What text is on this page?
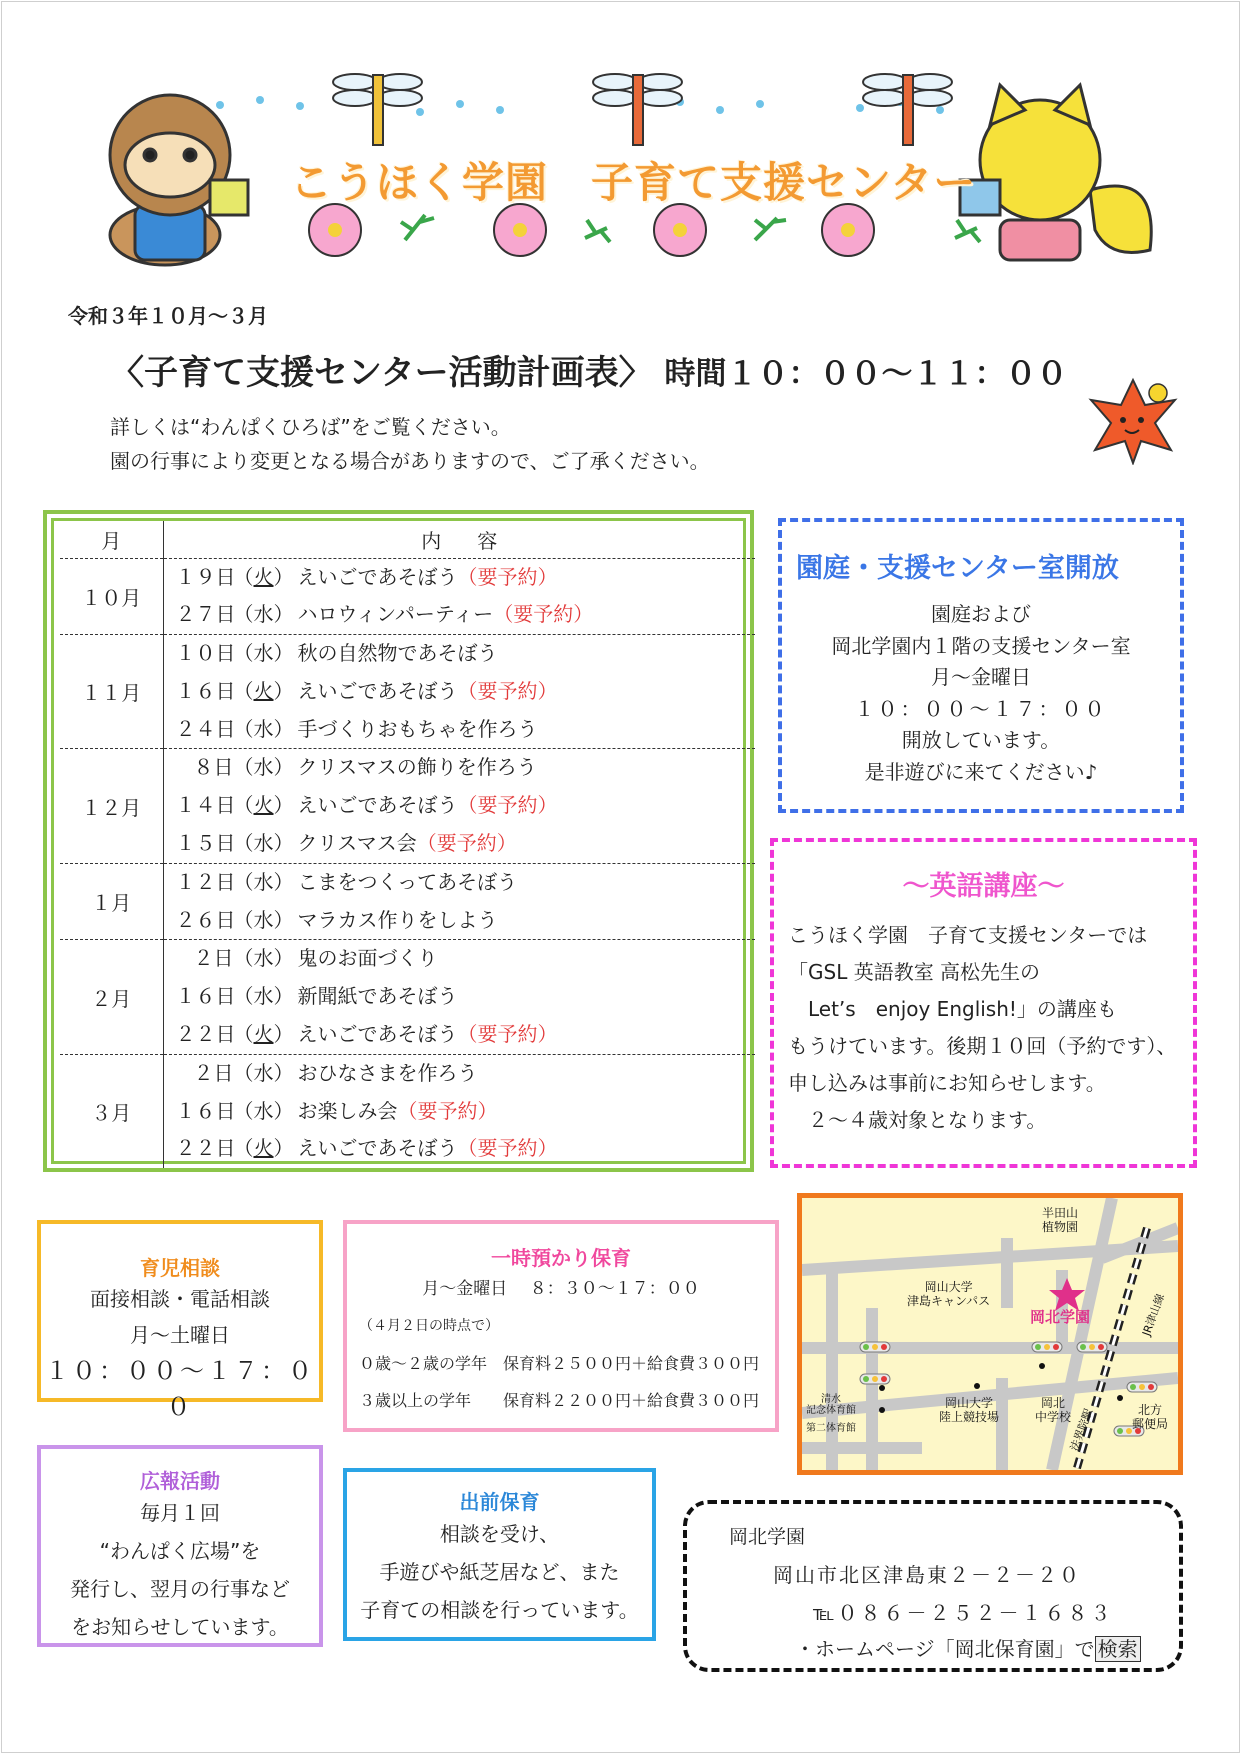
こうほく学園　子育て支援センター
令和３年１０月～３月
〈子育て支援センター活動計画表〉 時間１０：００～１１：００
詳しくは“わんぱくひろば”をご覧ください。
園の行事により変更となる場合がありますので、ご了承ください。
月	内容
１０月	１９日（火） えいごであそぼう（要予約）
２７日（水） ハロウィンパーティー（要予約）

１１月	１０日（水） 秋の自然物であそぼう
１６日（火） えいごであそぼう（要予約）
２４日（水） 手づくりおもちゃを作ろう

１２月	８日（水） クリスマスの飾りを作ろう
１４日（火） えいごであそぼう（要予約）
１５日（水） クリスマス会（要予約）

１月	１２日（水） こまをつくってあそぼう
２６日（水） マラカス作りをしよう

２月	２日（水） 鬼のお面づくり
１６日（水） 新聞紙であそぼう
２２日（火） えいごであそぼう（要予約）

３月	２日（水） おひなさまを作ろう
１６日（水） お楽しみ会（要予約）
２２日（火） えいごであそぼう（要予約）
園庭・支援センター室開放

園庭および

岡北学園内１階の支援センター室

月～金曜日

１０：００～１７：００

開放しています。

是非遊びに来てください♪

～英語講座～
こうほく学園　子育て支援センターでは
「GSL 英語教室 高松先生の
　Let’s　enjoy English!」の講座も
もうけています。後期１０回（予約です）、
申し込みは事前にお知らせします。
　２～４歳対象となります。
育児相談

面接相談・電話相談

月～土曜日

１０：００～１７：００

一時預かり保育

月～金曜日　 ８：３０～１７：００

（４月２日の時点で）

０歳～２歳の学年　保育料２５００円＋給食費３００円

３歳以上の学年　　保育料２２００円＋給食費３００円

広報活動

毎月１回

“わんぱく広場”を

発行し、翌月の行事など

をお知らせしています。

出前保育

相談を受け、

手遊びや紙芝居など、また

子育ての相談を行っています。

半田山
植物園
岡山大学
津島キャンパス
岡北学園
清水
記念体育館
第二体育館
岡山大学
陸上競技場
岡北
中学校	北方
郵便局
JR津山線
法界院駅

岡北学園

岡山市北区津島東２－２－２０

℡０８６－２５２－１６８３

・ホームページ「岡北保育園」で 検索
